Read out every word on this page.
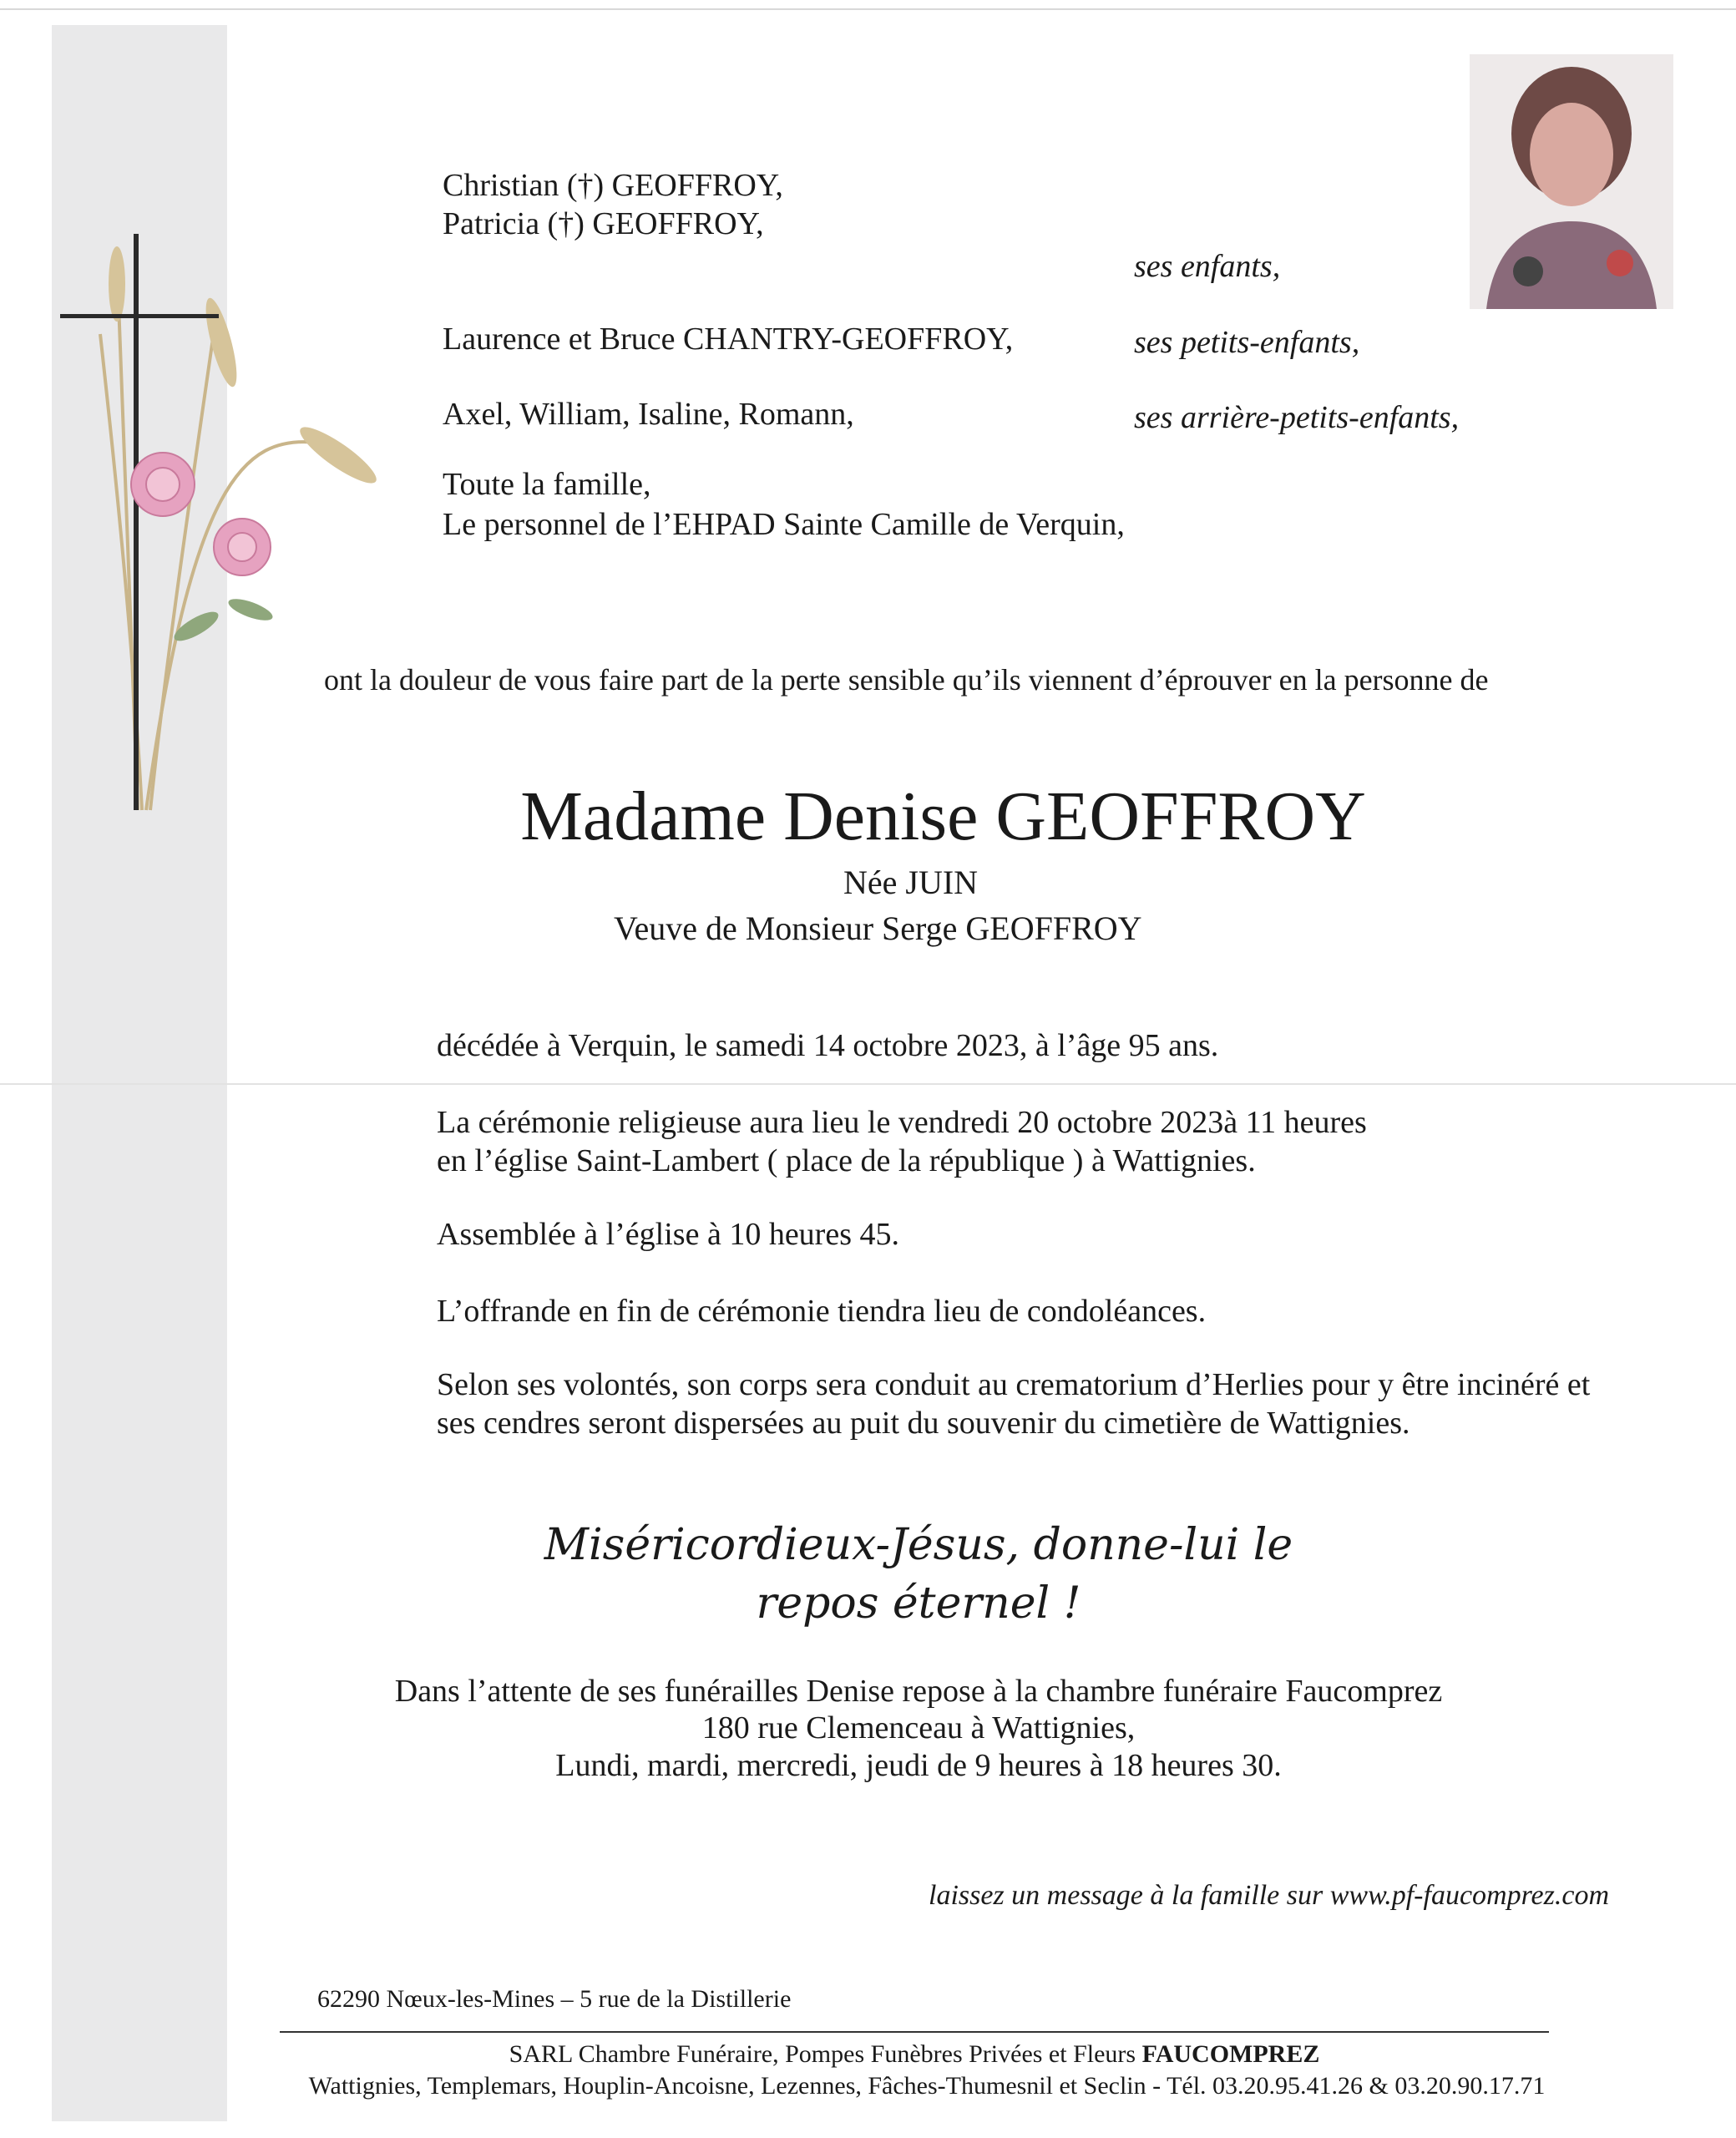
Christian (†) GEOFFROY,
Patricia (†) GEOFFROY,
ses enfants,
Laurence et Bruce CHANTRY-GEOFFROY,	ses petits-enfants,
Axel, William, Isaline, Romann,	ses arrière-petits-enfants,
Toute la famille,
Le personnel de l’EHPAD Sainte Camille de Verquin,
ont la douleur de vous faire part de la perte sensible qu’ils viennent d’éprouver en la personne de
Madame Denise GEOFFROY
Née JUIN
Veuve de Monsieur Serge GEOFFROY
décédée à Verquin, le samedi 14 octobre 2023, à l’âge 95 ans.
La cérémonie religieuse aura lieu le vendredi 20 octobre 2023à 11 heures
en l’église Saint-Lambert ( place de la république ) à Wattignies.
Assemblée à l’église à 10 heures 45.
L’offrande en fin de cérémonie tiendra lieu de condoléances.
Selon ses volontés, son corps sera conduit au crematorium d’Herlies pour y être incinéré et
ses cendres seront dispersées au puit du souvenir du cimetière de Wattignies.
Miséricordieux-Jésus, donne-lui le repos éternel !
Dans l’attente de ses funérailles Denise repose à la chambre funéraire Faucomprez
180 rue Clemenceau à Wattignies,
Lundi, mardi, mercredi, jeudi de 9 heures à 18 heures 30.
laissez un message à la famille sur www.pf-faucomprez.com
62290 Nœux-les-Mines – 5 rue de la Distillerie
SARL Chambre Funéraire, Pompes Funèbres Privées et Fleurs FAUCOMPREZ
Wattignies, Templemars, Houplin-Ancoisne, Lezennes, Fâches-Thumesnil et Seclin - Tél. 03.20.95.41.26 & 03.20.90.17.71
